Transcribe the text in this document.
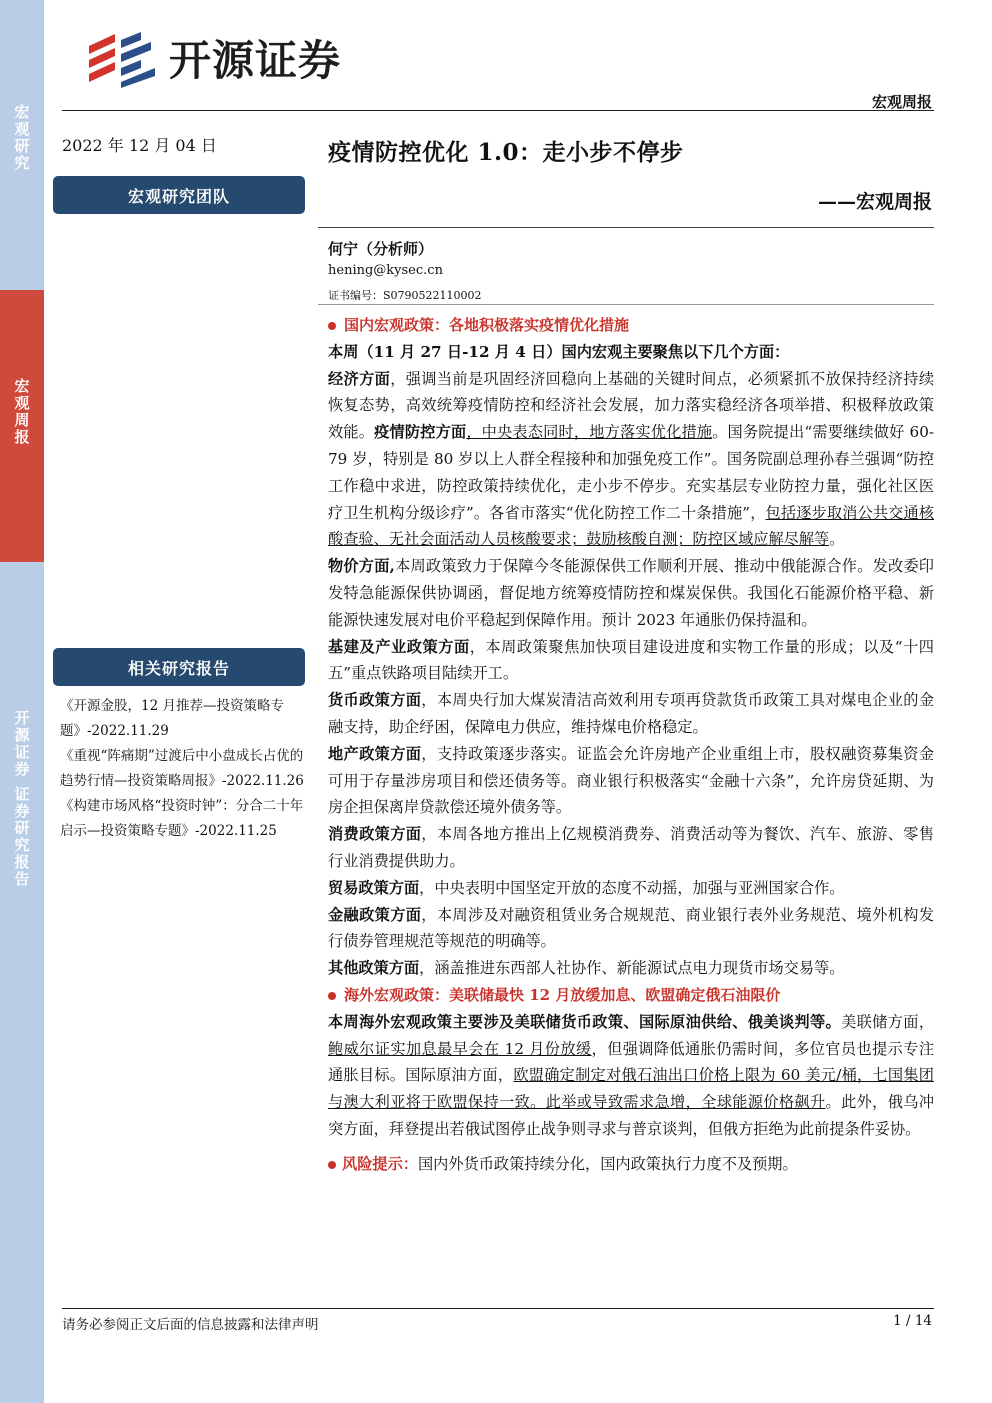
宏
观
研
究
宏
观
周
报
开
源
证
券

证
券
研
究
报
告
开源证券
宏观周报
2022 年 12 月 04 日
宏观研究团队
相关研究报告

《开源金股，12 月推荐—投资策略专题》-2022.11.29

《重视“阵痛期”过渡后中小盘成长占优的趋势行情—投资策略周报》-2022.11.26

《构建市场风格“投资时钟”：分合二十年启示—投资策略专题》-2022.11.25

疫情防控优化 1.0：走小步不停步
——宏观周报
何宁（分析师）
hening@kysec.cn
证书编号：S0790522110002

国内宏观政策：各地积极落实疫情优化措施

本周（11 月 27 日-12 月 4 日）国内宏观主要聚焦以下几个方面：

经济方面，强调当前是巩固经济回稳向上基础的关键时间点，必须紧抓不放保持经济持续恢复态势，高效统筹疫情防控和经济社会发展，加力落实稳经济各项举措、积极释放政策效能。疫情防控方面，中央表态同时，地方落实优化措施。国务院提出“需要继续做好 60-79 岁，特别是 80 岁以上人群全程接种和加强免疫工作”。国务院副总理孙春兰强调“防控工作稳中求进，防控政策持续优化，走小步不停步。充实基层专业防控力量，强化社区医疗卫生机构分级诊疗”。各省市落实“优化防控工作二十条措施”，包括逐步取消公共交通核酸查验、无社会面活动人员核酸要求；鼓励核酸自测；防控区域应解尽解等。

物价方面,本周政策致力于保障今冬能源保供工作顺利开展、推动中俄能源合作。发改委印发特急能源保供协调函，督促地方统筹疫情防控和煤炭保供。我国化石能源价格平稳、新能源快速发展对电价平稳起到保障作用。预计 2023 年通胀仍保持温和。

基建及产业政策方面，本周政策聚焦加快项目建设进度和实物工作量的形成；以及“十四五”重点铁路项目陆续开工。

货币政策方面，本周央行加大煤炭清洁高效利用专项再贷款货币政策工具对煤电企业的金融支持，助企纾困，保障电力供应，维持煤电价格稳定。

地产政策方面，支持政策逐步落实。证监会允许房地产企业重组上市，股权融资募集资金可用于存量涉房项目和偿还债务等。商业银行积极落实“金融十六条”，允许房贷延期、为房企担保离岸贷款偿还境外债务等。

消费政策方面，本周各地方推出上亿规模消费券、消费活动等为餐饮、汽车、旅游、零售行业消费提供助力。

贸易政策方面，中央表明中国坚定开放的态度不动摇，加强与亚洲国家合作。

金融政策方面，本周涉及对融资租赁业务合规规范、商业银行表外业务规范、境外机构发行债券管理规范等规范的明确等。

其他政策方面，涵盖推进东西部人社协作、新能源试点电力现货市场交易等。

海外宏观政策：美联储最快 12 月放缓加息、欧盟确定俄石油限价

本周海外宏观政策主要涉及美联储货币政策、国际原油供给、俄美谈判等。美联储方面，鲍威尔证实加息最早会在 12 月份放缓，但强调降低通胀仍需时间，多位官员也提示专注通胀目标。国际原油方面，欧盟确定制定对俄石油出口价格上限为 60 美元/桶，七国集团与澳大利亚将于欧盟保持一致。此举或导致需求急增，全球能源价格飙升。此外，俄乌冲突方面，拜登提出若俄试图停止战争则寻求与普京谈判，但俄方拒绝为此前提条件妥协。

风险提示：国内外货币政策持续分化，国内政策执行力度不及预期。

请务必参阅正文后面的信息披露和法律声明	1 / 14
